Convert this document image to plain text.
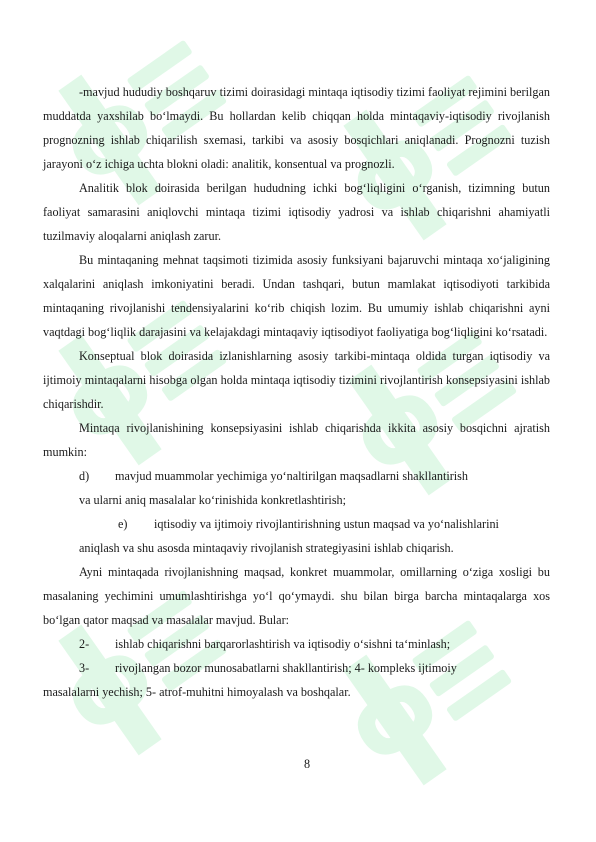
-mavjud hududiy boshqaruv tizimi doirasidagi mintaqa iqtisodiy tizimi faoliyat rejimini berilgan muddatda yaxshilab boʻlmaydi. Bu hollardan kelib chiqqan holda mintaqaviy-iqtisodiy rivojlanish prognozning ishlab chiqarilish sxemasi, tarkibi va asosiy bosqichlari aniqlanadi. Prognozni tuzish jarayoni oʻz ichiga uchta blokni oladi: analitik, konsentual va prognozli.

Analitik blok doirasida berilgan hududning ichki bogʻliqligini oʻrganish, tizimning butun faoliyat samarasini aniqlovchi mintaqa tizimi iqtisodiy yadrosi va ishlab chiqarishni ahamiyatli tuzilmaviy aloqalarni aniqlash zarur.

Bu mintaqaning mehnat taqsimoti tizimida asosiy funksiyani bajaruvchi mintaqa xoʻjaligining xalqalarini aniqlash imkoniyatini beradi. Undan tashqari, butun mamlakat iqtisodiyoti tarkibida mintaqaning rivojlanishi tendensiyalarini koʻrib chiqish lozim. Bu umumiy ishlab chiqarishni ayni vaqtdagi bogʻliqlik darajasini va kelajakdagi mintaqaviy iqtisodiyot faoliyatiga bogʻliqligini koʻrsatadi.

Konseptual blok doirasida izlanishlarning asosiy tarkibi-mintaqa oldida turgan iqtisodiy va ijtimoiy mintaqalarni hisobga olgan holda mintaqa iqtisodiy tizimini rivojlantirish konsepsiyasini ishlab chiqarishdir.

Mintaqa rivojlanishining konsepsiyasini ishlab chiqarishda ikkita asosiy bosqichni ajratish mumkin:

d)	mavjud muammolar yechimiga yoʻnaltirilgan maqsadlarni shakllantirish

va ularni aniq masalalar koʻrinishida konkretlashtirish;

e)	iqtisodiy va ijtimoiy rivojlantirishning ustun maqsad va yoʻnalishlarini

aniqlash va shu asosda mintaqaviy rivojlanish strategiyasini ishlab chiqarish.

Ayni mintaqada rivojlanishning maqsad, konkret muammolar, omillarning oʻziga xosligi bu masalaning yechimini umumlashtirishga yoʻl qoʻymaydi. shu bilan birga barcha mintaqalarga xos boʻlgan qator maqsad va masalalar mavjud. Bular:

2-	ishlab chiqarishni barqarorlashtirish va iqtisodiy oʻsishni taʻminlash;
3-	rivojlangan bozor munosabatlarni shakllantirish; 4- kompleks ijtimoiy

masalalarni yechish; 5- atrof-muhitni himoyalash va boshqalar.

8
